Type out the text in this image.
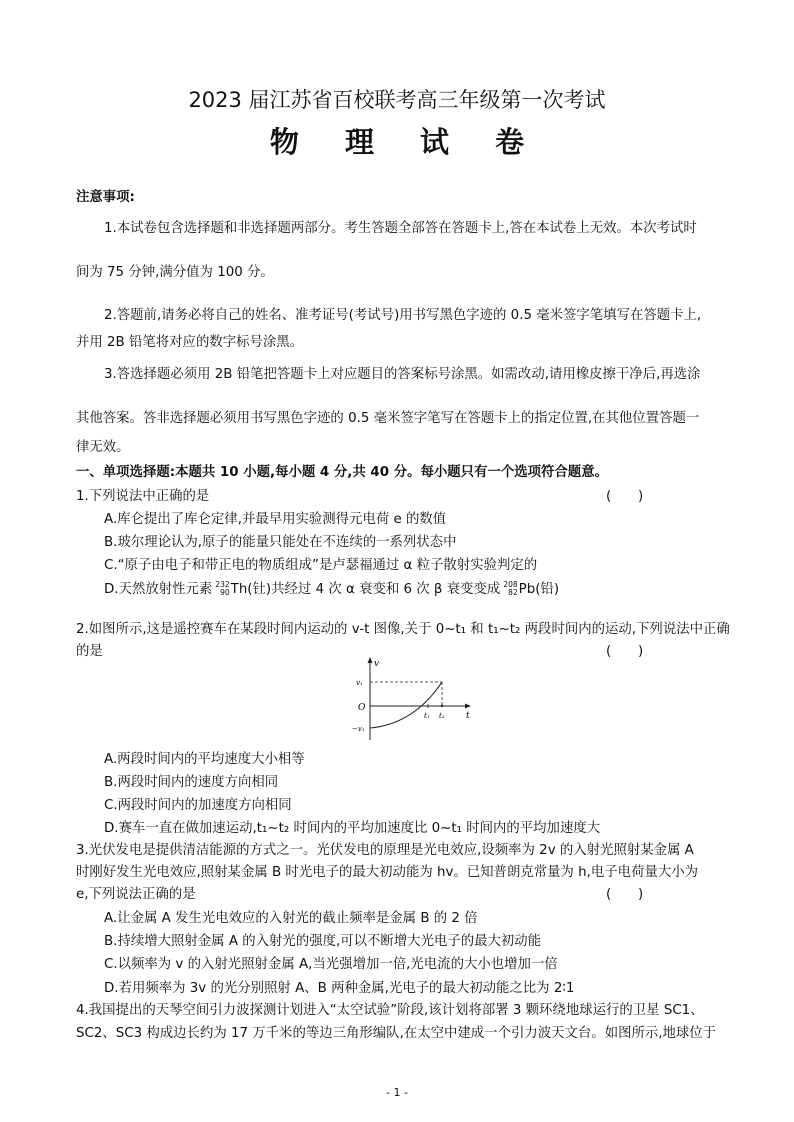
2023 届江苏省百校联考高三年级第一次考试
物 理 试 卷
注意事项:
1.本试卷包含选择题和非选择题两部分。考生答题全部答在答题卡上,答在本试卷上无效。本次考试时
间为 75 分钟,满分值为 100 分。
2.答题前,请务必将自己的姓名、准考证号(考试号)用书写黑色字迹的 0.5 毫米签字笔填写在答题卡上,
并用 2B 铅笔将对应的数字标号涂黑。
3.答选择题必须用 2B 铅笔把答题卡上对应题目的答案标号涂黑。如需改动,请用橡皮擦干净后,再选涂
其他答案。答非选择题必须用书写黑色字迹的 0.5 毫米签字笔写在答题卡上的指定位置,在其他位置答题一
律无效。
一、单项选择题:本题共 10 小题,每小题 4 分,共 40 分。每小题只有一个选项符合题意。
1.下列说法中正确的是	(　　)
A.库仑提出了库仑定律,并最早用实验测得元电荷 e 的数值
B.玻尔理论认为,原子的能量只能处在不连续的一系列状态中
C.“原子由电子和带正电的物质组成”是卢瑟福通过 α 粒子散射实验判定的
D.天然放射性元素 232
90Th(钍)共经过 4 次 α 衰变和 6 次 β 衰变变成 208
82Pb(铅)
2.如图所示,这是遥控赛车在某段时间内运动的 v-t 图像,关于 0~t₁ 和 t₁~t₂ 两段时间内的运动,下列说法中正确
的是	(　　)
v
t
O
v₁
−v₁
t₁ t₂
A.两段时间内的平均速度大小相等
B.两段时间内的速度方向相同
C.两段时间内的加速度方向相同
D.赛车一直在做加速运动,t₁~t₂ 时间内的平均加速度比 0~t₁ 时间内的平均加速度大
3.光伏发电是提供清洁能源的方式之一。光伏发电的原理是光电效应,设频率为 2v 的入射光照射某金属 A
时刚好发生光电效应,照射某金属 B 时光电子的最大初动能为 hv。已知普朗克常量为 h,电子电荷量大小为
e,下列说法正确的是	(　　)
A.让金属 A 发生光电效应的入射光的截止频率是金属 B 的 2 倍
B.持续增大照射金属 A 的入射光的强度,可以不断增大光电子的最大初动能
C.以频率为 v 的入射光照射金属 A,当光强增加一倍,光电流的大小也增加一倍
D.若用频率为 3v 的光分别照射 A、B 两种金属,光电子的最大初动能之比为 2∶1
4.我国提出的天琴空间引力波探测计划进入“太空试验”阶段,该计划将部署 3 颗环绕地球运行的卫星 SC1、
SC2、SC3 构成边长约为 17 万千米的等边三角形编队,在太空中建成一个引力波天文台。如图所示,地球位于
- 1 -
